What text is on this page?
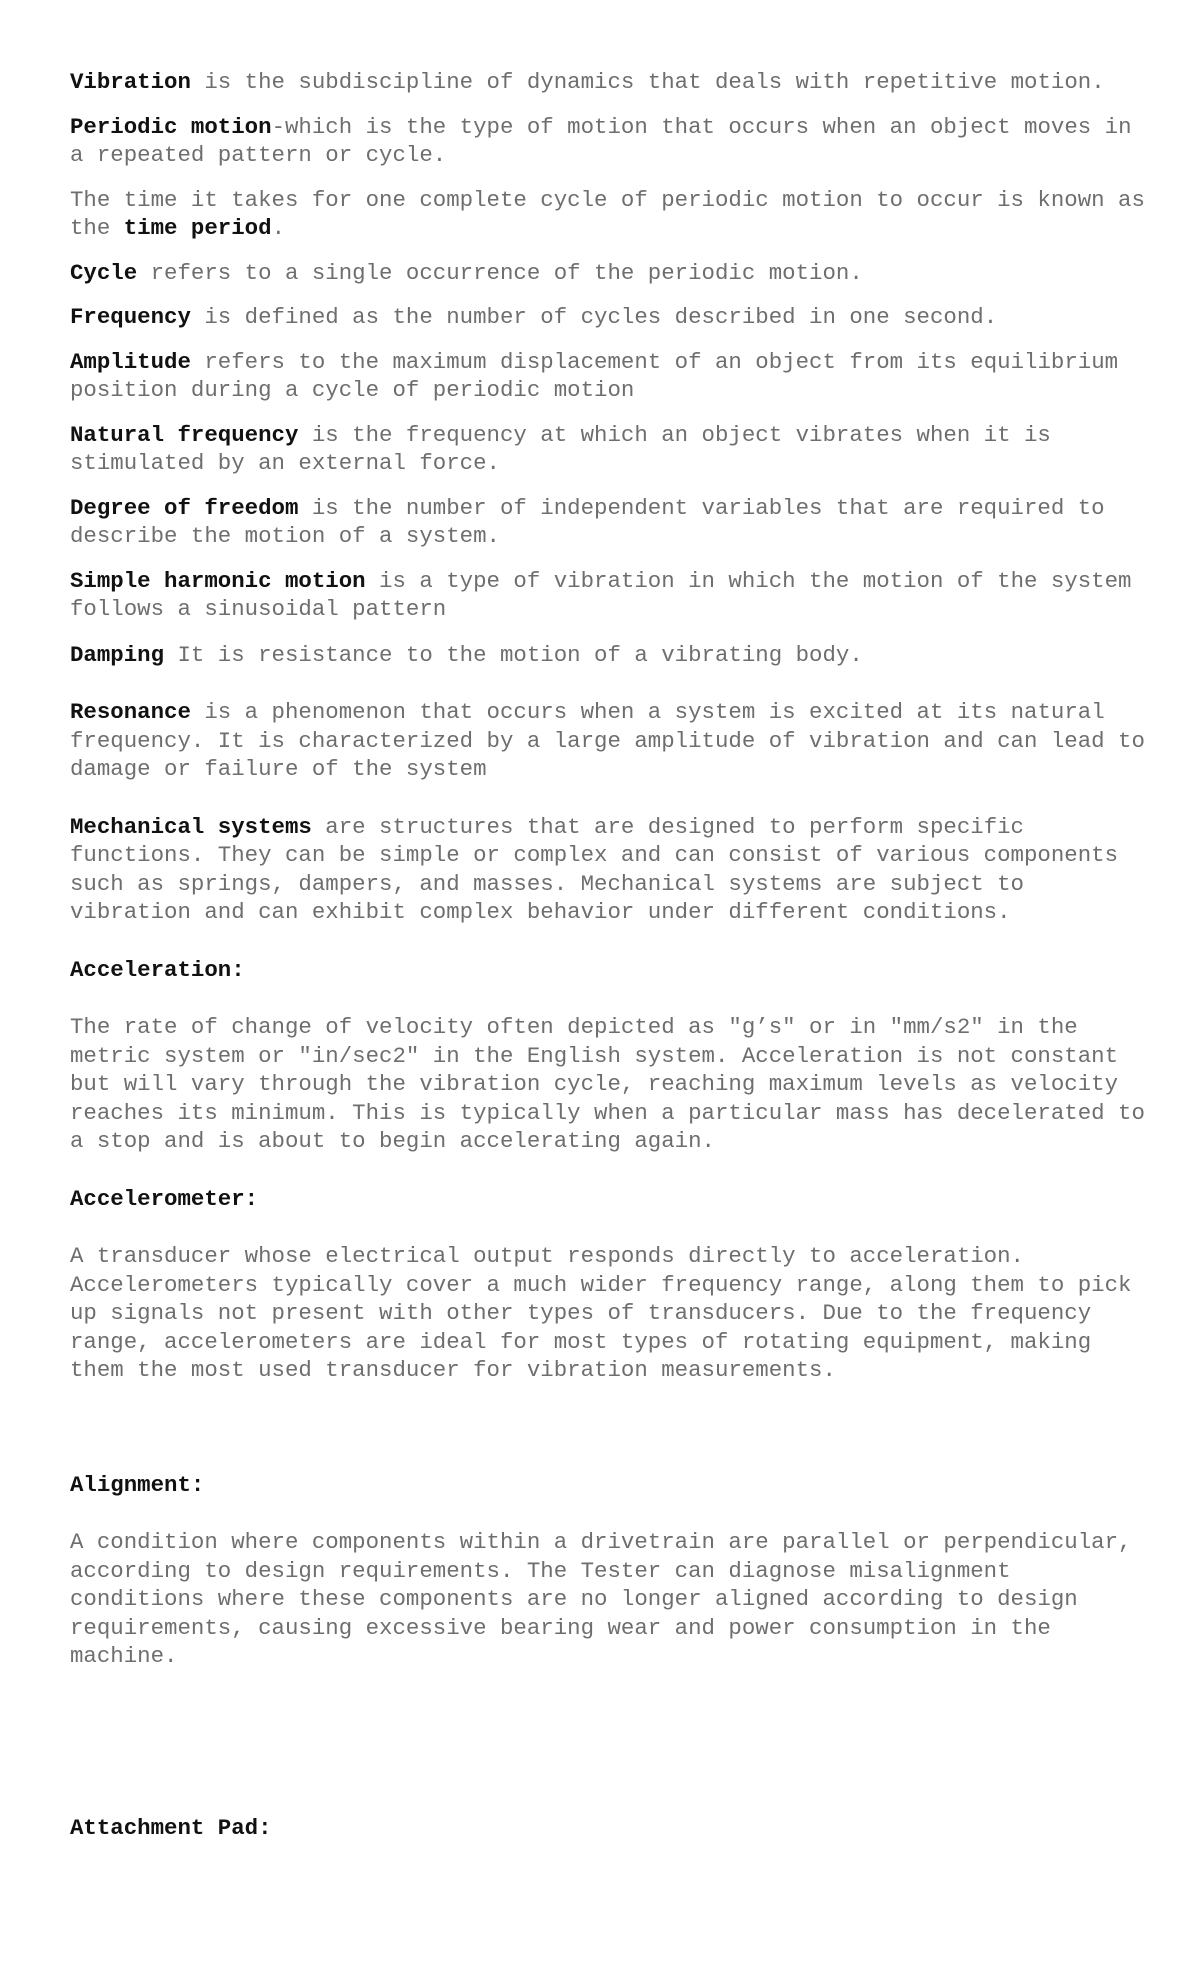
Vibration is the subdiscipline of dynamics that deals with repetitive motion.

Periodic motion-which is the type of motion that occurs when an object moves in a repeated pattern or cycle.

The time it takes for one complete cycle of periodic motion to occur is known as the time period.

Cycle refers to a single occurrence of the periodic motion.

Frequency is defined as the number of cycles described in one second.

Amplitude refers to the maximum displacement of an object from its equilibrium position during a cycle of periodic motion

Natural frequency is the frequency at which an object vibrates when it is stimulated by an external force.

Degree of freedom is the number of independent variables that are required to describe the motion of a system.

Simple harmonic motion is a type of vibration in which the motion of the system follows a sinusoidal pattern

Damping It is resistance to the motion of a vibrating body.

Resonance is a phenomenon that occurs when a system is excited at its natural frequency. It is characterized by a large amplitude of vibration and can lead to damage or failure of the system

Mechanical systems are structures that are designed to perform specific functions. They can be simple or complex and can consist of various components such as springs, dampers, and masses. Mechanical systems are subject to vibration and can exhibit complex behavior under different conditions.

Acceleration:

The rate of change of velocity often depicted as "g’s" or in "mm/s2" in the metric system or "in/sec2" in the English system. Acceleration is not constant but will vary through the vibration cycle, reaching maximum levels as velocity reaches its minimum. This is typically when a particular mass has decelerated to a stop and is about to begin accelerating again.

Accelerometer:

A transducer whose electrical output responds directly to acceleration. Accelerometers typically cover a much wider frequency range, along them to pick up signals not present with other types of transducers. Due to the frequency range, accelerometers are ideal for most types of rotating equipment, making them the most used transducer for vibration measurements.

Alignment:

A condition where components within a drivetrain are parallel or perpendicular, according to design requirements. The Tester can diagnose misalignment conditions where these components are no longer aligned according to design requirements, causing excessive bearing wear and power consumption in the machine.

Attachment Pad:
